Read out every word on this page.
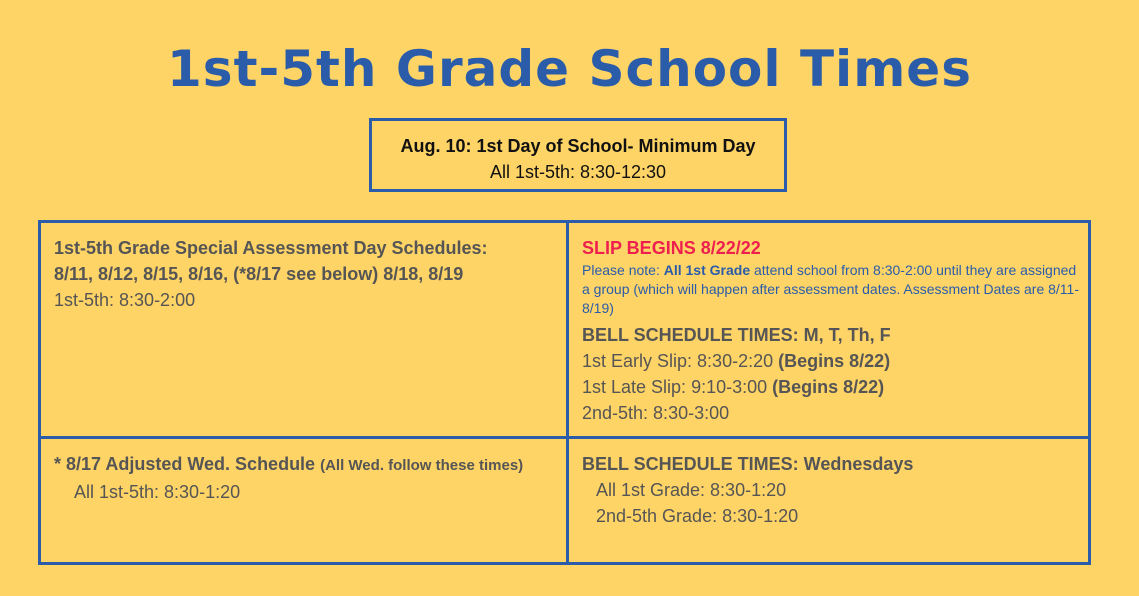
1st-5th Grade School Times
Aug. 10: 1st Day of School- Minimum Day
All 1st-5th: 8:30-12:30
1st-5th Grade Special Assessment Day Schedules:
8/11, 8/12, 8/15, 8/16, (*8/17 see below) 8/18, 8/19
1st-5th: 8:30-2:00
SLIP BEGINS 8/22/22
Please note: All 1st Grade attend school from 8:30-2:00 until they are assigned a group (which will happen after assessment dates. Assessment Dates are 8/11-8/19)
BELL SCHEDULE TIMES: M, T, Th, F
1st Early Slip: 8:30-2:20 (Begins 8/22)
1st Late Slip: 9:10-3:00 (Begins 8/22)
2nd-5th: 8:30-3:00
* 8/17 Adjusted Wed. Schedule (All Wed. follow these times)
All 1st-5th: 8:30-1:20
BELL SCHEDULE TIMES: Wednesdays
All 1st Grade: 8:30-1:20
2nd-5th Grade: 8:30-1:20
